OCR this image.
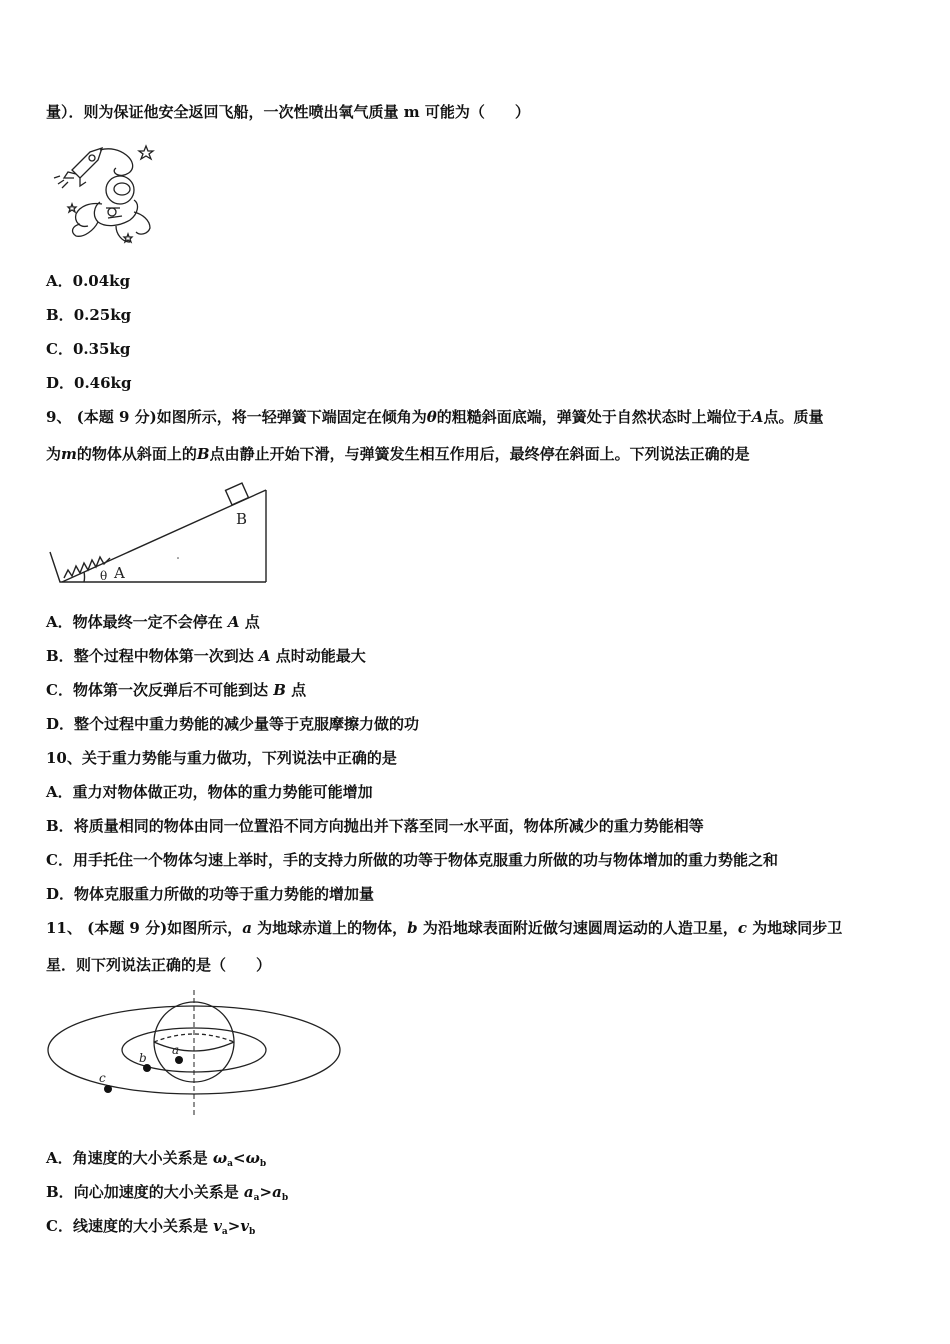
量）．则为保证他安全返回飞船，一次性喷出氧气质量 m 可能为（　　）
A．0.04kg
B．0.25kg
C．0.35kg
D．0.46kg
9、 (本题 9 分)如图所示，将一轻弹簧下端固定在倾角为θ的粗糙斜面底端，弹簧处于自然状态时上端位于A点。质量
为m的物体从斜面上的B点由静止开始下滑，与弹簧发生相互作用后，最终停在斜面上。下列说法正确的是
B
A
θ
A．物体最终一定不会停在 A 点
B．整个过程中物体第一次到达 A 点时动能最大
C．物体第一次反弹后不可能到达 B 点
D．整个过程中重力势能的减少量等于克服摩擦力做的功
10、关于重力势能与重力做功，下列说法中正确的是
A．重力对物体做正功，物体的重力势能可能增加
B．将质量相同的物体由同一位置沿不同方向抛出并下落至同一水平面，物体所减少的重力势能相等
C．用手托住一个物体匀速上举时，手的支持力所做的功等于物体克服重力所做的功与物体增加的重力势能之和
D．物体克服重力所做的功等于重力势能的增加量
11、 (本题 9 分)如图所示，a 为地球赤道上的物体，b 为沿地球表面附近做匀速圆周运动的人造卫星，c 为地球同步卫
星．则下列说法正确的是（　　）
a
b
c
A．角速度的大小关系是 $\omega_a<\omega_b$
B．向心加速度的大小关系是 $a_a>a_b$
C．线速度的大小关系是 $v_a>v_b$
